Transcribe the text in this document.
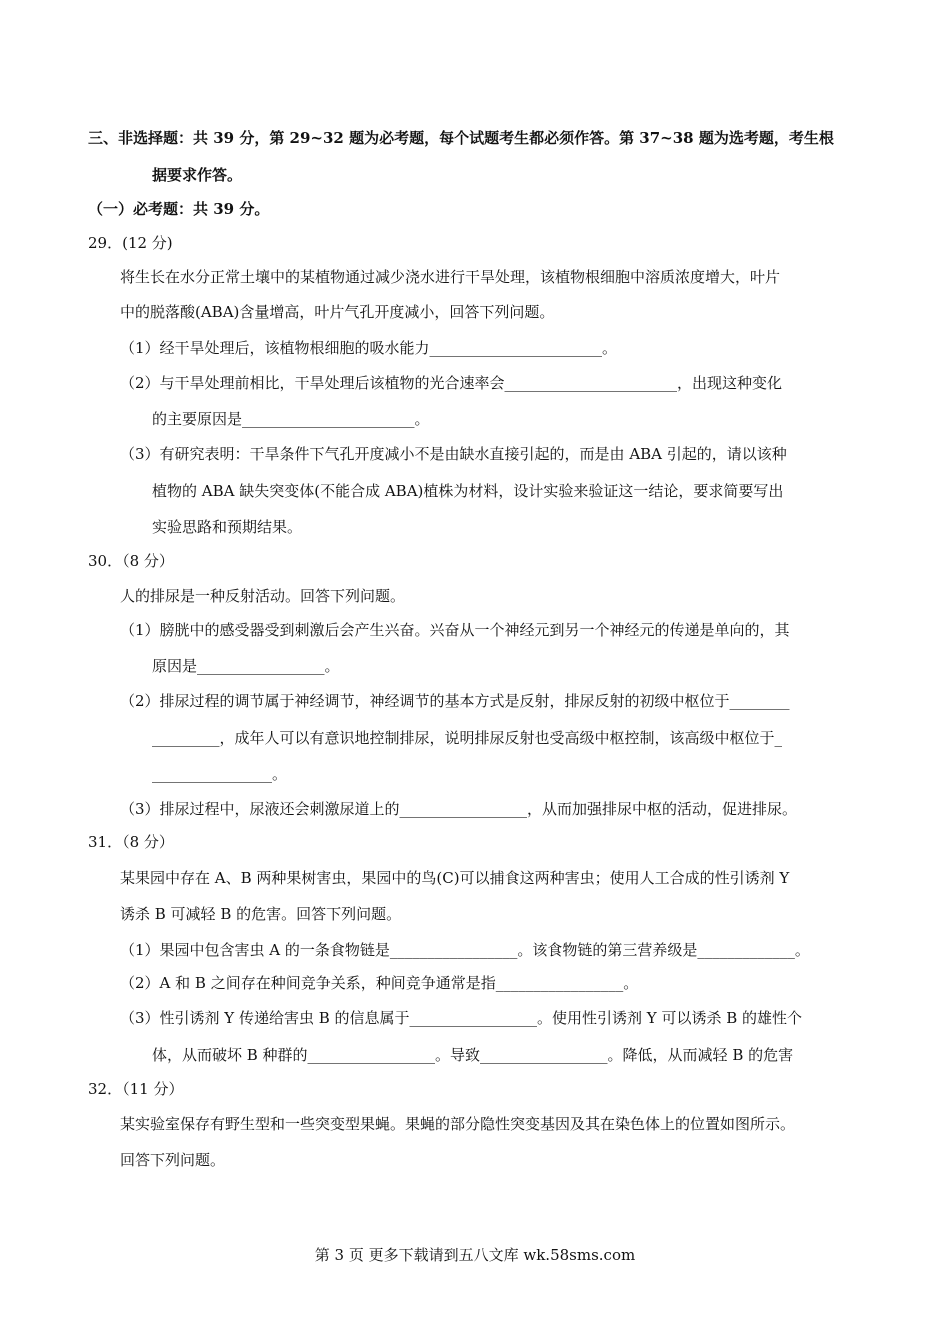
三、非选择题：共 39 分，第 29~32 题为必考题，每个试题考生都必须作答。第 37~38 题为选考题，考生根
据要求作答。
（一）必考题：共 39 分。
29．(12 分)
将生长在水分正常土壤中的某植物通过减少浇水进行干旱处理，该植物根细胞中溶质浓度增大，叶片
中的脱落酸(ABA)含量增高，叶片气孔开度减小，回答下列问题。
（1）经干旱处理后，该植物根细胞的吸水能力_______________________。
（2）与干旱处理前相比，干旱处理后该植物的光合速率会_______________________，出现这种变化
的主要原因是_______________________。
（3）有研究表明：干旱条件下气孔开度减小不是由缺水直接引起的，而是由 ABA 引起的，请以该种
植物的 ABA 缺失突变体(不能合成 ABA)植株为材料，设计实验来验证这一结论，要求简要写出
实验思路和预期结果。
30．（8 分）
人的排尿是一种反射活动。回答下列问题。
（1）膀胱中的感受器受到刺激后会产生兴奋。兴奋从一个神经元到另一个神经元的传递是单向的，其
原因是_________________。
（2）排尿过程的调节属于神经调节，神经调节的基本方式是反射，排尿反射的初级中枢位于________
_________，成年人可以有意识地控制排尿，说明排尿反射也受高级中枢控制，该高级中枢位于_
________________。
（3）排尿过程中，尿液还会刺激尿道上的_________________，从而加强排尿中枢的活动，促进排尿。
31．（8 分）
某果园中存在 A、B 两种果树害虫，果园中的鸟(C)可以捕食这两种害虫；使用人工合成的性引诱剂 Y
诱杀 B 可减轻 B 的危害。回答下列问题。
（1）果园中包含害虫 A 的一条食物链是_________________。该食物链的第三营养级是_____________。
（2）A 和 B 之间存在种间竞争关系，种间竞争通常是指_________________。
（3）性引诱剂 Y 传递给害虫 B 的信息属于_________________。使用性引诱剂 Y 可以诱杀 B 的雄性个
体，从而破坏 B 种群的_________________。导致_________________。降低，从而减轻 B 的危害
32．（11 分）
某实验室保存有野生型和一些突变型果蝇。果蝇的部分隐性突变基因及其在染色体上的位置如图所示。
回答下列问题。
第 3 页 更多下载请到五八文库 wk.58sms.com
